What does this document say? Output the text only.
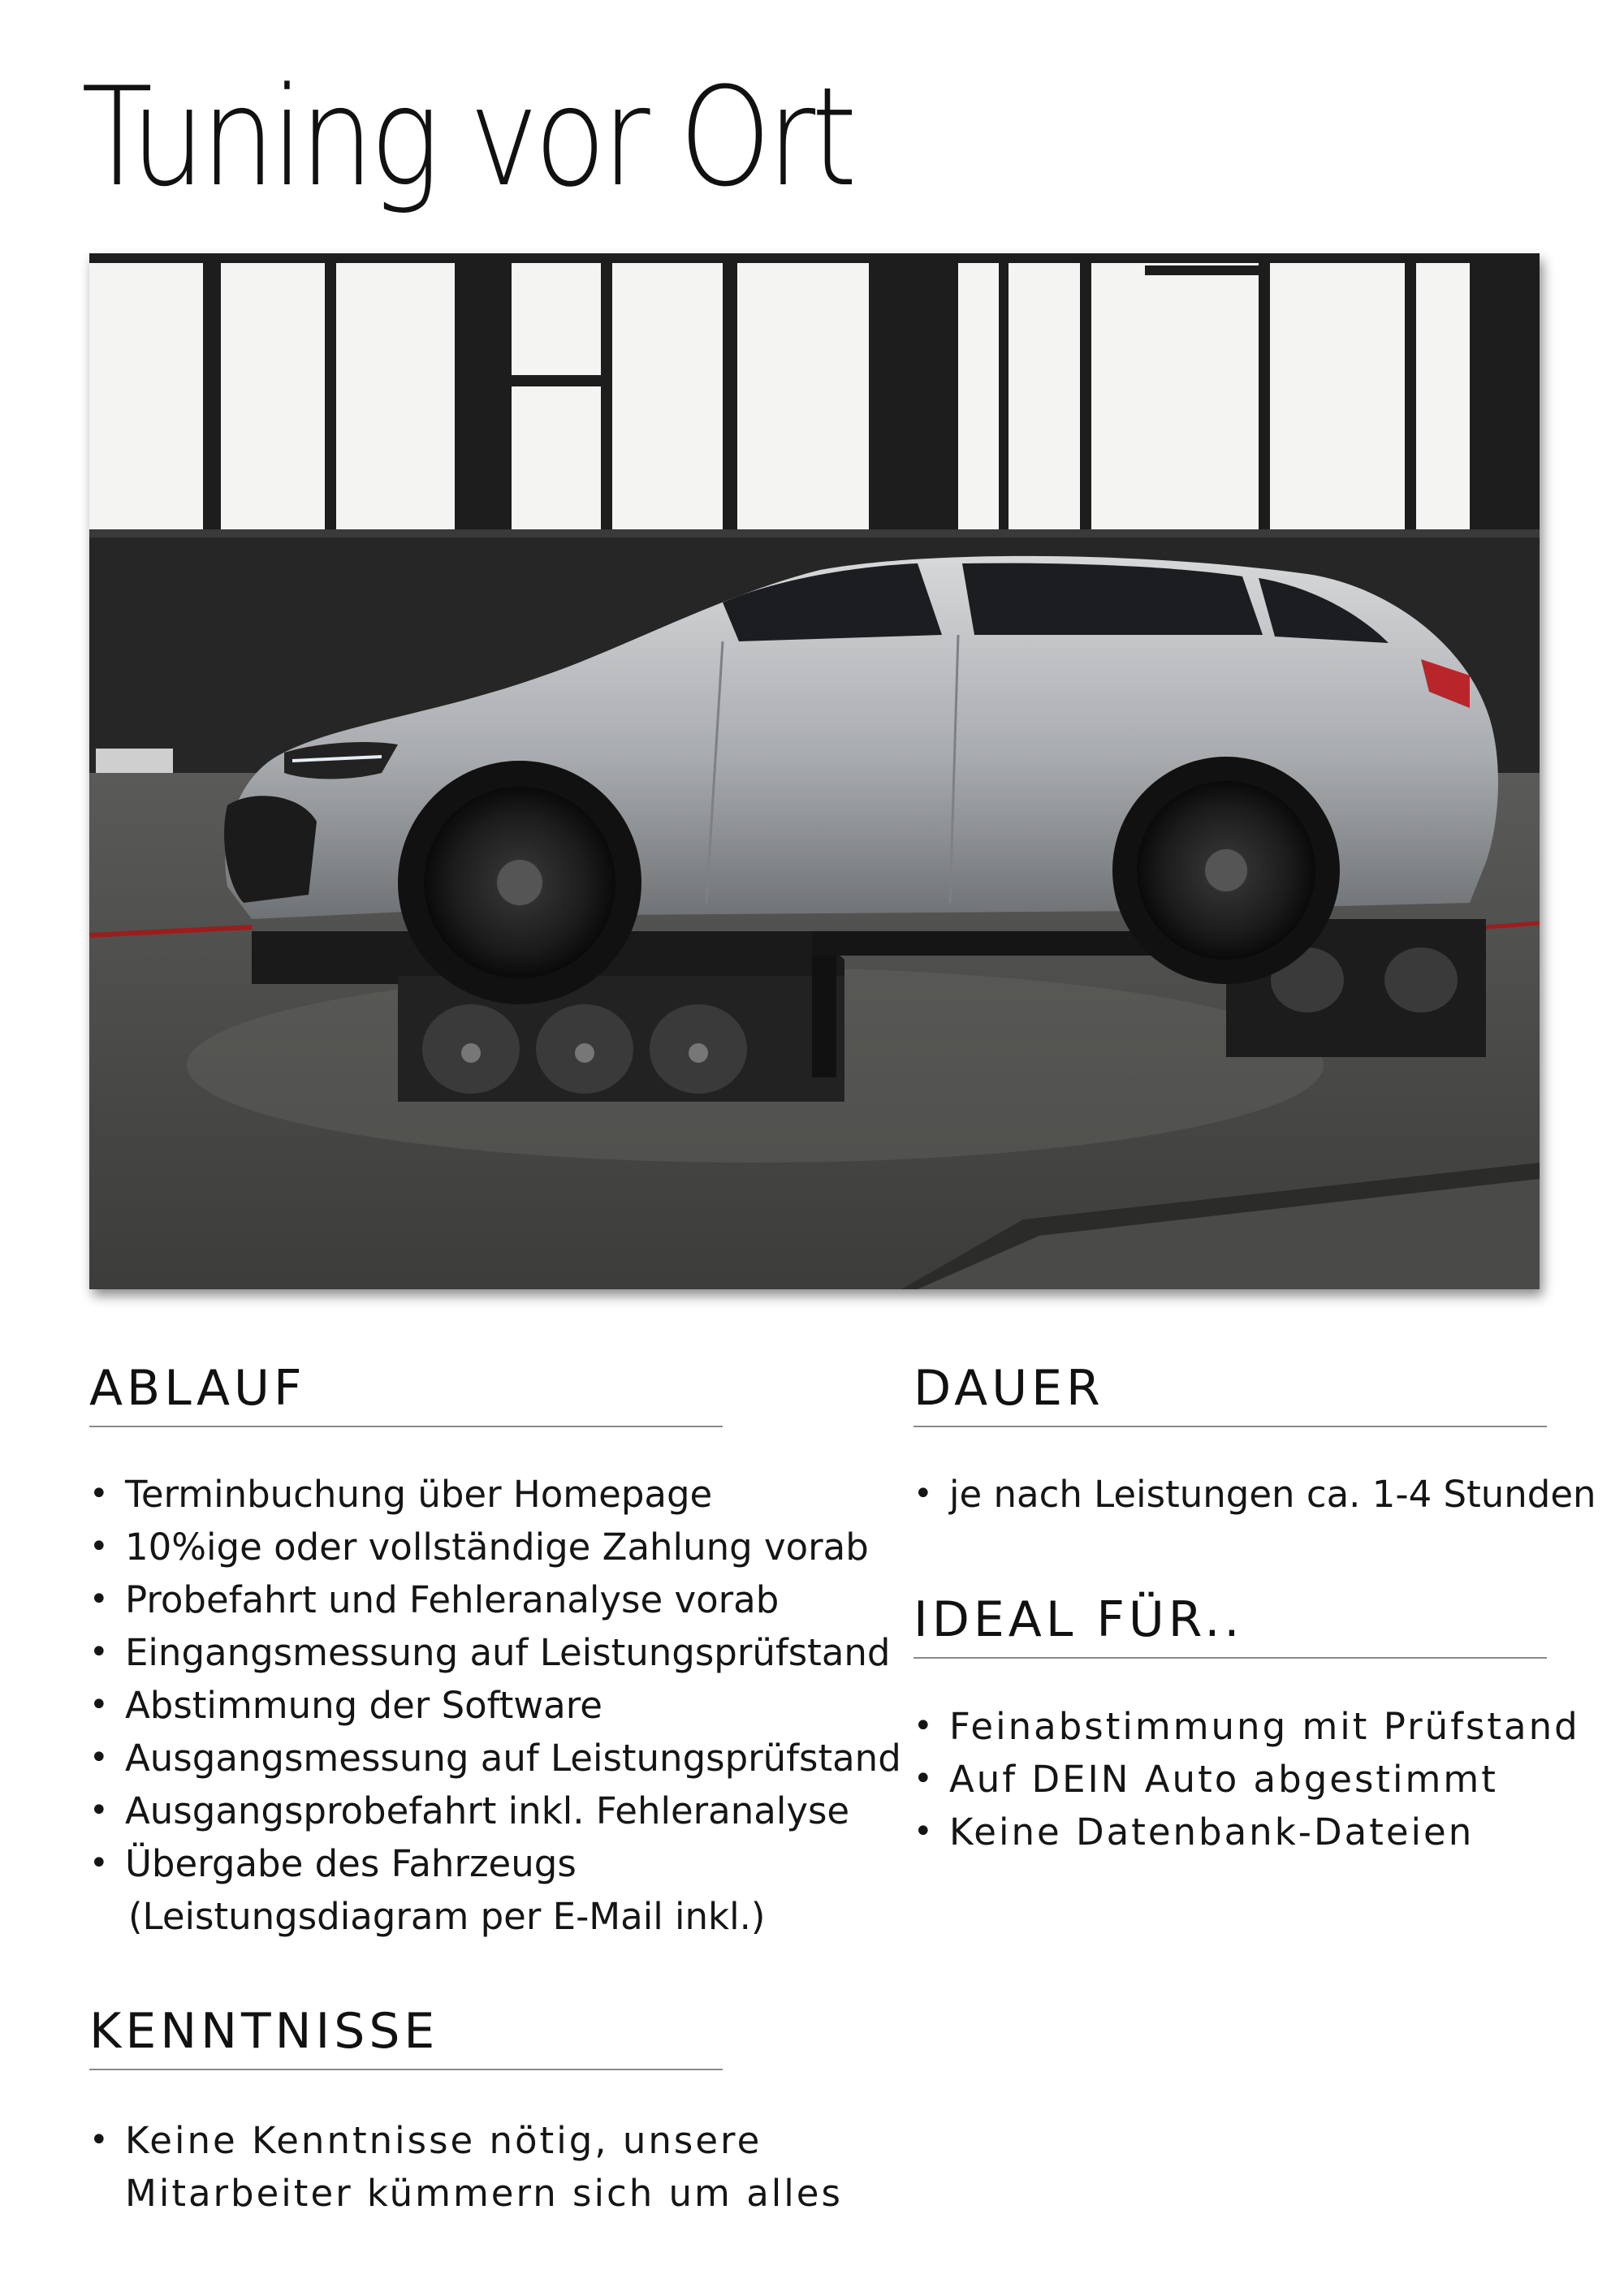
Tuning vor Ort
ABLAUF
• Terminbuchung über Homepage
• 10%ige oder vollständige Zahlung vorab
• Probefahrt und Fehleranalyse vorab
• Eingangsmessung auf Leistungsprüfstand
• Abstimmung der Software
• Ausgangsmessung auf Leistungsprüfstand
• Ausgangsprobefahrt inkl. Fehleranalyse
• Übergabe des Fahrzeugs
(Leistungsdiagram per E-Mail inkl.)
KENNTNISSE
• Keine Kenntnisse nötig, unsere
Mitarbeiter kümmern sich um alles
DAUER
• je nach Leistungen ca. 1-4 Stunden
IDEAL FÜR..
• Feinabstimmung mit Prüfstand
• Auf DEIN Auto abgestimmt
• Keine Datenbank-Dateien
